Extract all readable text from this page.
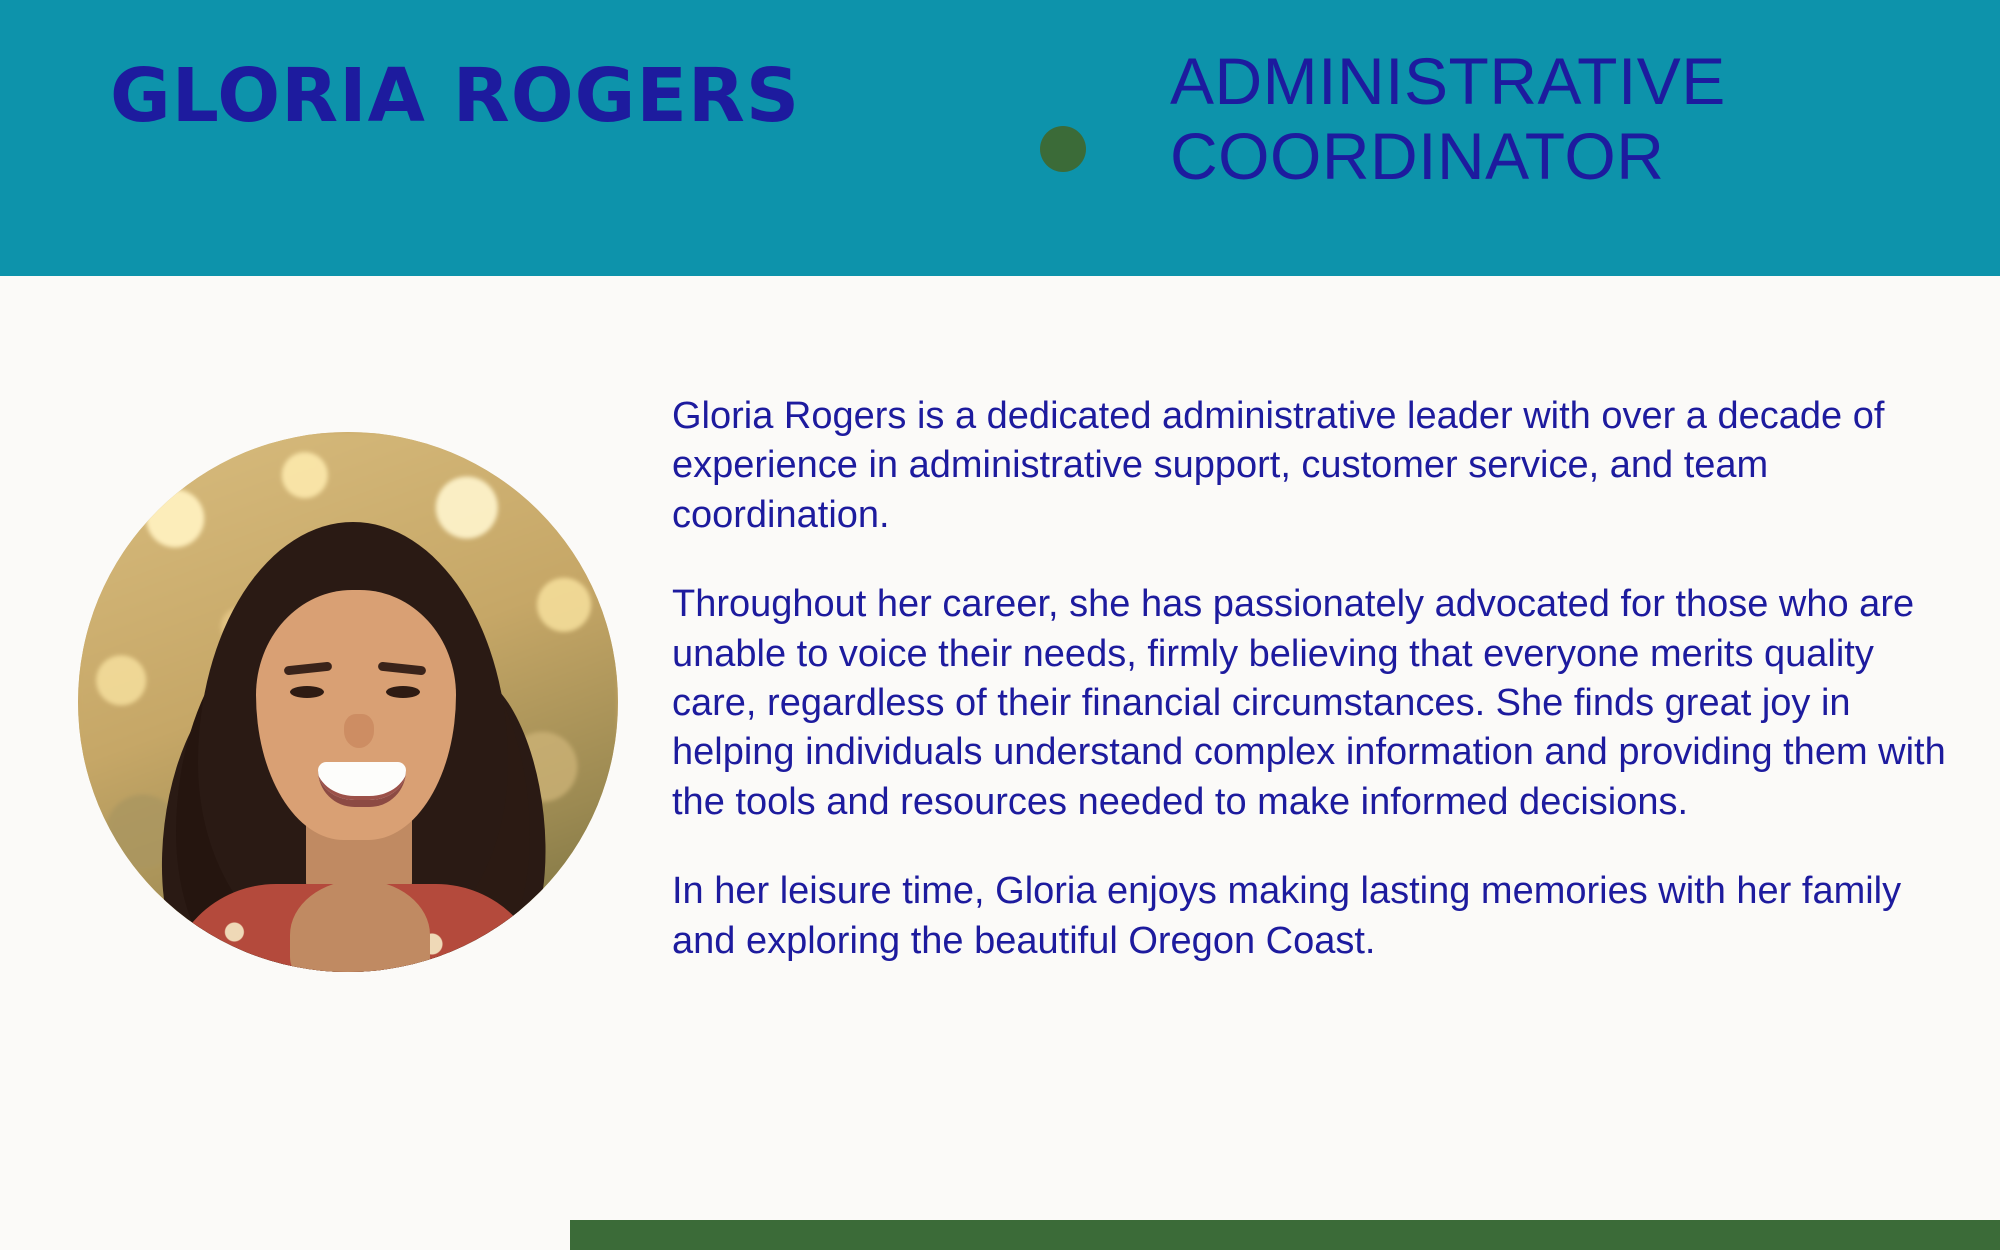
GLORIA ROGERS	ADMINISTRATIVE COORDINATOR

Gloria Rogers is a dedicated administrative leader with over a decade of experience in administrative support, customer service, and team coordination.

Throughout her career, she has passionately advocated for those who are unable to voice their needs, firmly believing that everyone merits quality care, regardless of their financial circumstances. She finds great joy in helping individuals understand complex information and providing them with the tools and resources needed to make informed decisions.

In her leisure time, Gloria enjoys making lasting memories with her family and exploring the beautiful Oregon Coast.
